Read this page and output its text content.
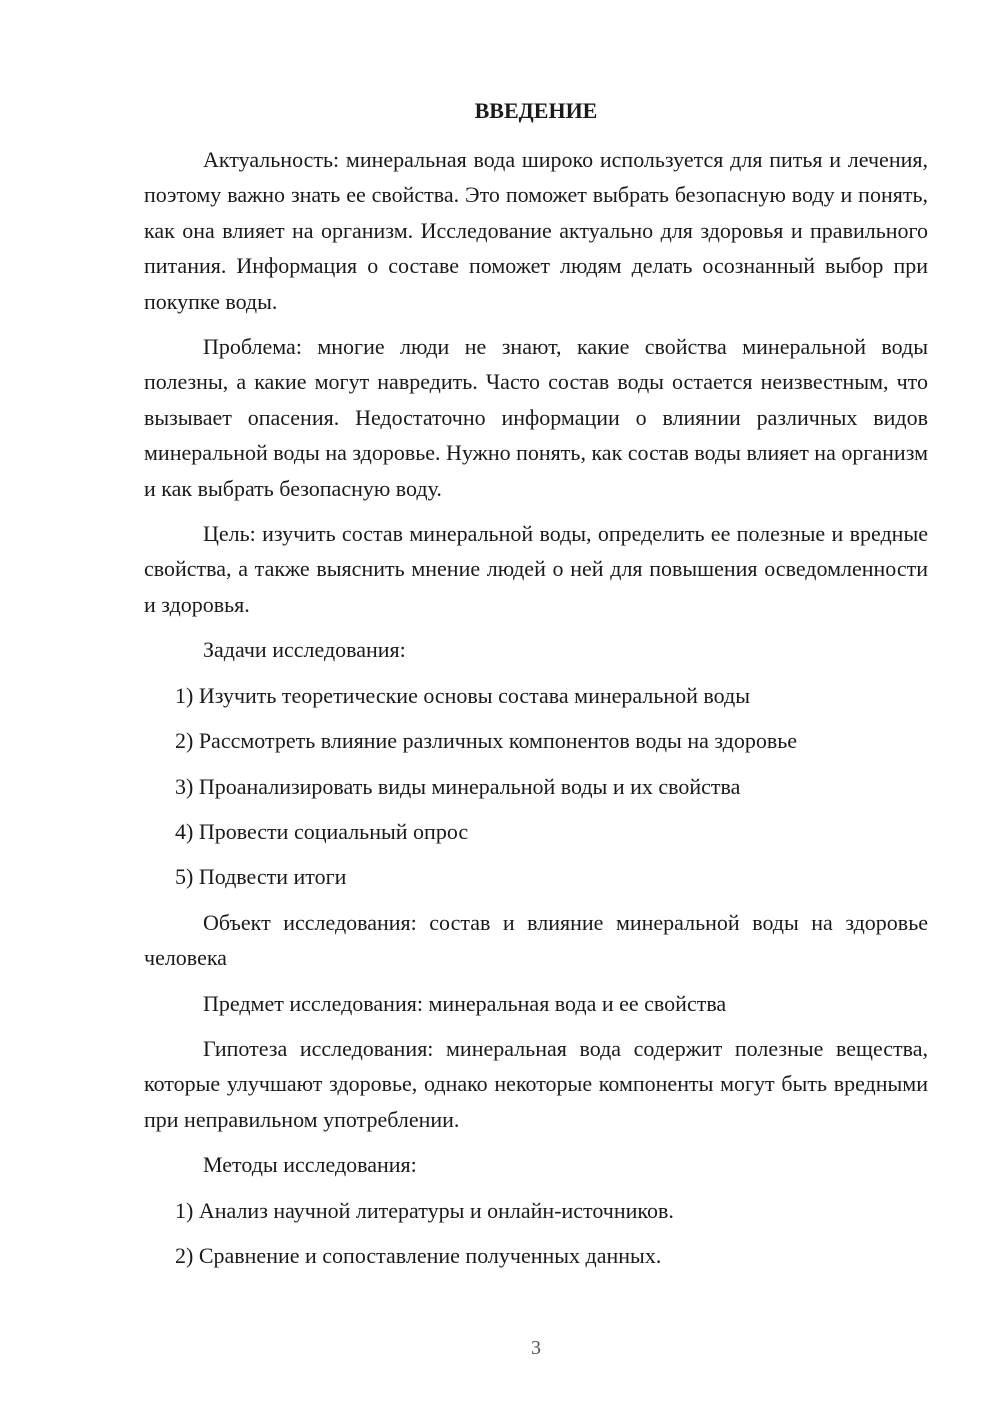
ВВЕДЕНИЕ

Актуальность: минеральная вода широко используется для питья и лечения, поэтому важно знать ее свойства. Это поможет выбрать безопасную воду и понять, как она влияет на организм. Исследование актуально для здоровья и правильного питания. Информация о составе поможет людям делать осознанный выбор при покупке воды.

Проблема: многие люди не знают, какие свойства минеральной воды полезны, а какие могут навредить. Часто состав воды остается неизвестным, что вызывает опасения. Недостаточно информации о влиянии различных видов минеральной воды на здоровье. Нужно понять, как состав воды влияет на организм и как выбрать безопасную воду.

Цель: изучить состав минеральной воды, определить ее полезные и вредные свойства, а также выяснить мнение людей о ней для повышения осведомленности и здоровья.

Задачи исследования:

1) Изучить теоретические основы состава минеральной воды
2) Рассмотреть влияние различных компонентов воды на здоровье
3) Проанализировать виды минеральной воды и их свойства
4) Провести социальный опрос
5) Подвести итоги

Объект исследования: состав и влияние минеральной воды на здоровье человека

Предмет исследования: минеральная вода и ее свойства

Гипотеза исследования: минеральная вода содержит полезные вещества, которые улучшают здоровье, однако некоторые компоненты могут быть вредными при неправильном употреблении.

Методы исследования:

1) Анализ научной литературы и онлайн-источников.
2) Сравнение и сопоставление полученных данных.

3
